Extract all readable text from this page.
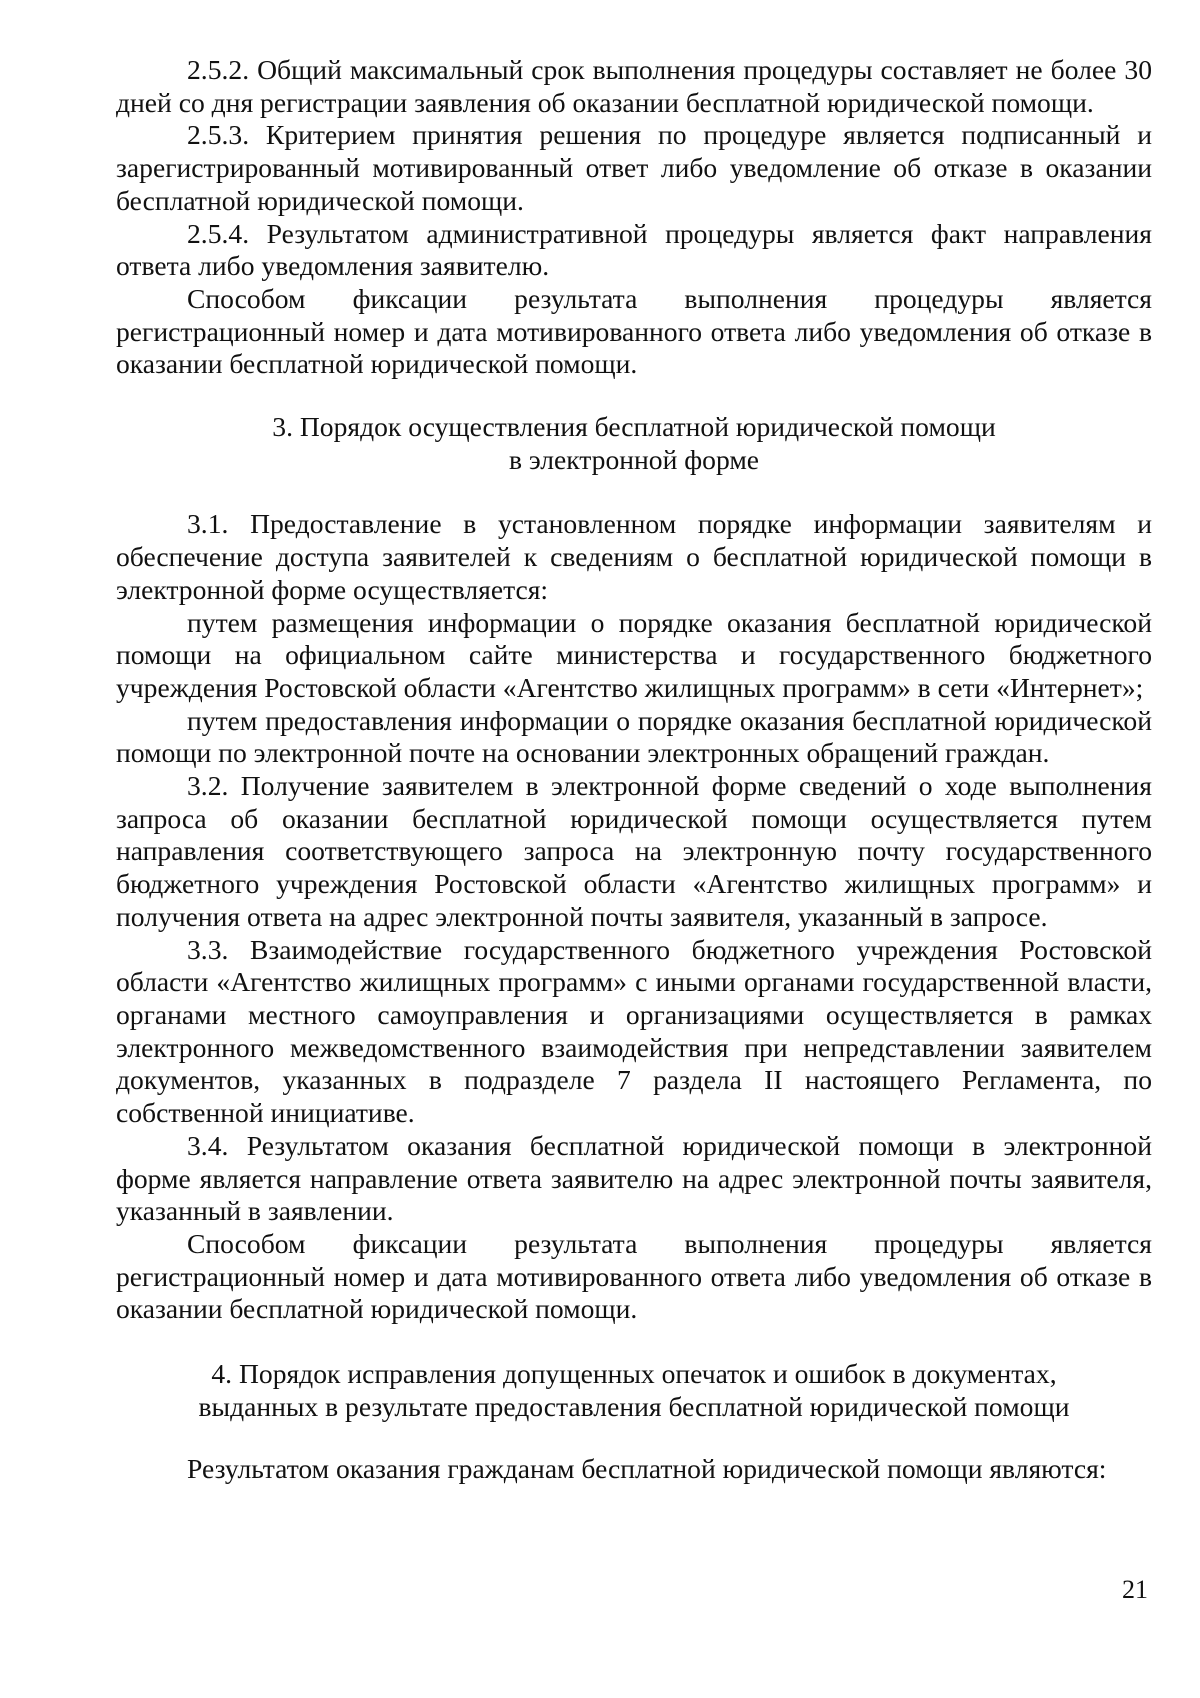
2.5.2. Общий максимальный срок выполнения процедуры составляет не более 30 дней со дня регистрации заявления об оказании бесплатной юридической помощи.

2.5.3. Критерием принятия решения по процедуре является подписанный и зарегистрированный мотивированный ответ либо уведомление об отказе в оказании бесплатной юридической помощи.

2.5.4. Результатом административной процедуры является факт направления ответа либо уведомления заявителю.

Способом фиксации результата выполнения процедуры является регистрационный номер и дата мотивированного ответа либо уведомления об отказе в оказании бесплатной юридической помощи.

3. Порядок осуществления бесплатной юридической помощи
в электронной форме

3.1. Предоставление в установленном порядке информации заявителям и обеспечение доступа заявителей к сведениям о бесплатной юридической помощи в электронной форме осуществляется:

путем размещения информации о порядке оказания бесплатной юридической помощи на официальном сайте министерства и государственного бюджетного учреждения Ростовской области «Агентство жилищных программ» в сети «Интернет»;

путем предоставления информации о порядке оказания бесплатной юридической помощи по электронной почте на основании электронных обращений граждан.

3.2. Получение заявителем в электронной форме сведений о ходе выполнения запроса об оказании бесплатной юридической помощи осуществляется путем направления соответствующего запроса на электронную почту государственного бюджетного учреждения Ростовской области «Агентство жилищных программ» и получения ответа на адрес электронной почты заявителя, указанный в запросе.

3.3. Взаимодействие государственного бюджетного учреждения Ростовской области «Агентство жилищных программ» с иными органами государственной власти, органами местного самоуправления и организациями осуществляется в рамках электронного межведомственного взаимодействия при непредставлении заявителем документов, указанных в подразделе 7 раздела II настоящего Регламента, по собственной инициативе.

3.4. Результатом оказания бесплатной юридической помощи в электронной форме является направление ответа заявителю на адрес электронной почты заявителя, указанный в заявлении.

Способом фиксации результата выполнения процедуры является регистрационный номер и дата мотивированного ответа либо уведомления об отказе в оказании бесплатной юридической помощи.

4. Порядок исправления допущенных опечаток и ошибок в документах,
выданных в результате предоставления бесплатной юридической помощи

Результатом оказания гражданам бесплатной юридической помощи являются:

21
